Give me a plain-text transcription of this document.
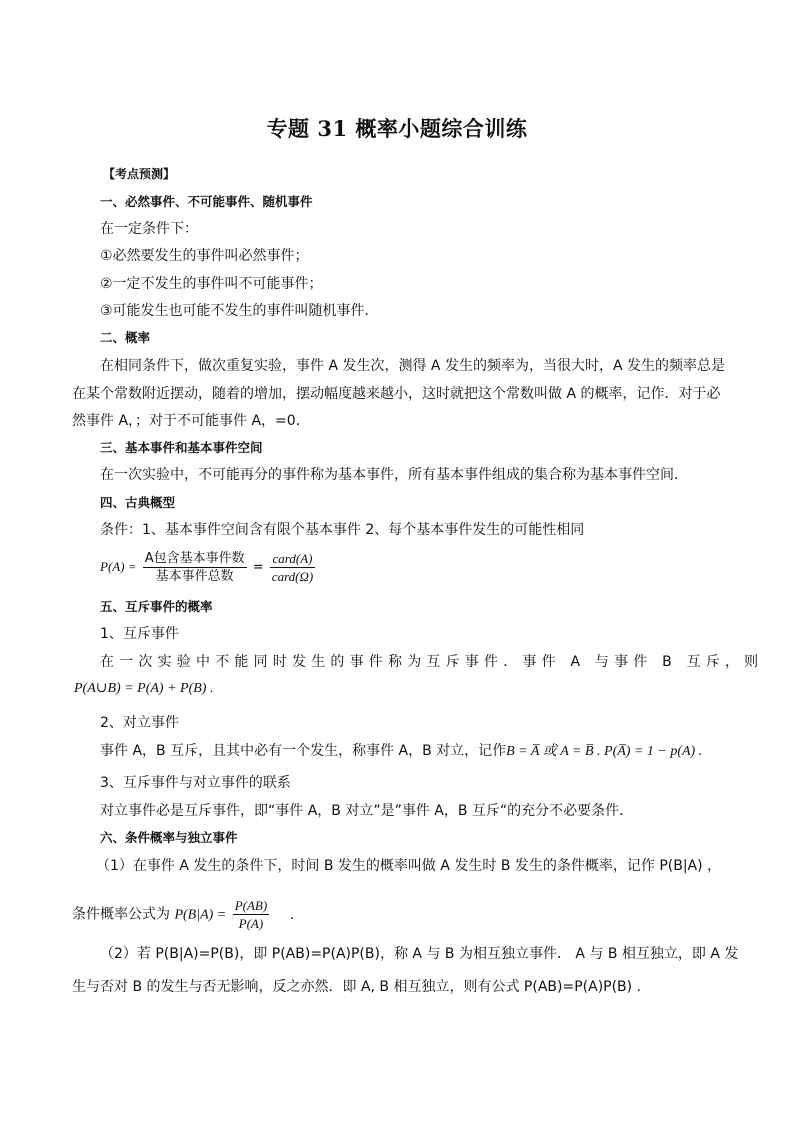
专题 31 概率小题综合训练
【考点预测】
一、必然事件、不可能事件、随机事件
在一定条件下：
①必然要发生的事件叫必然事件；
②一定不发生的事件叫不可能事件；
③可能发生也可能不发生的事件叫随机事件．
二、概率
在相同条件下，做次重复实验，事件 A 发生次，测得 A 发生的频率为，当很大时，A 发生的频率总是
在某个常数附近摆动，随着的增加，摆动幅度越来越小，这时就把这个常数叫做 A 的概率，记作．对于必
然事件 A，；对于不可能事件 A，=0．
三、基本事件和基本事件空间
在一次实验中，不可能再分的事件称为基本事件，所有基本事件组成的集合称为基本事件空间．
四、古典概型
条件：1、基本事件空间含有限个基本事件 2、每个基本事件发生的可能性相同
$P(A) = \frac{\text{A包含基本事件数}}{\text{基本事件总数}} = \frac{\text{card(A)}}{\text{card(Ω)}}$
五、互斥事件的概率
1、互斥事件
在一次实验中不能同时发生的事件称为互斥事件．事件 A 与事件 B 互斥，则
P(A∪B) = P(A) + P(B) .
2、对立事件
事件 A，B 互斥，且其中必有一个发生，称事件 A，B 对立，记作B = A̅ 或 A = B̅ . P(A̅) = 1 − p(A) .
3、互斥事件与对立事件的联系
对立事件必是互斥事件，即“事件 A，B 对立”是”事件 A，B 互斥“的充分不必要条件．
六、条件概率与独立事件
（1）在事件 A 发生的条件下，时间 B 发生的概率叫做 A 发生时 B 发生的条件概率，记作 P(B|A) ，
条件概率公式为 $P(B|A) = \frac{P(AB)}{P(A)}$ .
（2）若 P(B|A)=P(B)，即 P(AB)=P(A)P(B)，称 A 与 B 为相互独立事件． A 与 B 相互独立，即 A 发
生与否对 B 的发生与否无影响，反之亦然．即 A, B 相互独立，则有公式 P(AB)=P(A)P(B) .
